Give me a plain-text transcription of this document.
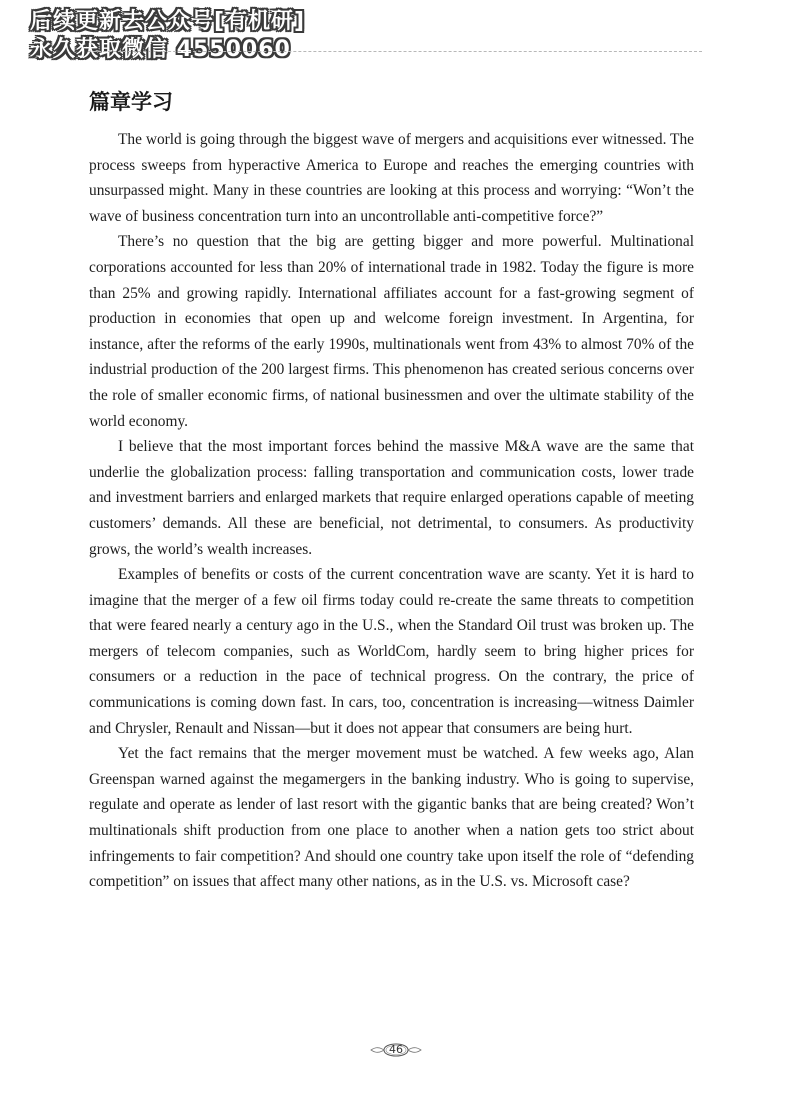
后续更新去公众号[有机研]
永久获取微信 4550060
篇章学习

The world is going through the biggest wave of mergers and acquisitions ever witnessed. The process sweeps from hyperactive America to Europe and reaches the emerging countries with unsurpassed might. Many in these countries are looking at this process and worrying: “Won’t the wave of business concentration turn into an uncontrollable anti-competitive force?”

There’s no question that the big are getting bigger and more powerful. Multinational corporations accounted for less than 20% of international trade in 1982. Today the figure is more than 25% and growing rapidly. International affiliates account for a fast-growing segment of production in economies that open up and welcome foreign investment. In Argentina, for instance, after the reforms of the early 1990s, multinationals went from 43% to almost 70% of the industrial production of the 200 largest firms. This phenomenon has created serious concerns over the role of smaller economic firms, of national businessmen and over the ultimate stability of the world economy.

I believe that the most important forces behind the massive M&A wave are the same that underlie the globalization process: falling transportation and communication costs, lower trade and investment barriers and enlarged markets that require enlarged operations capable of meeting customers’ demands. All these are beneficial, not detrimental, to consumers. As productivity grows, the world’s wealth increases.

Examples of benefits or costs of the current concentration wave are scanty. Yet it is hard to imagine that the merger of a few oil firms today could re-create the same threats to competition that were feared nearly a century ago in the U.S., when the Standard Oil trust was broken up. The mergers of telecom companies, such as WorldCom, hardly seem to bring higher prices for consumers or a reduction in the pace of technical progress. On the contrary, the price of communications is coming down fast. In cars, too, concentration is increasing—witness Daimler and Chrysler, Renault and Nissan—but it does not appear that consumers are being hurt.

Yet the fact remains that the merger movement must be watched. A few weeks ago, Alan Greenspan warned against the megamergers in the banking industry. Who is going to supervise, regulate and operate as lender of last resort with the gigantic banks that are being created? Won’t multinationals shift production from one place to another when a nation gets too strict about infringements to fair competition? And should one country take upon itself the role of “defending competition” on issues that affect many other nations, as in the U.S. vs. Microsoft case?

46
